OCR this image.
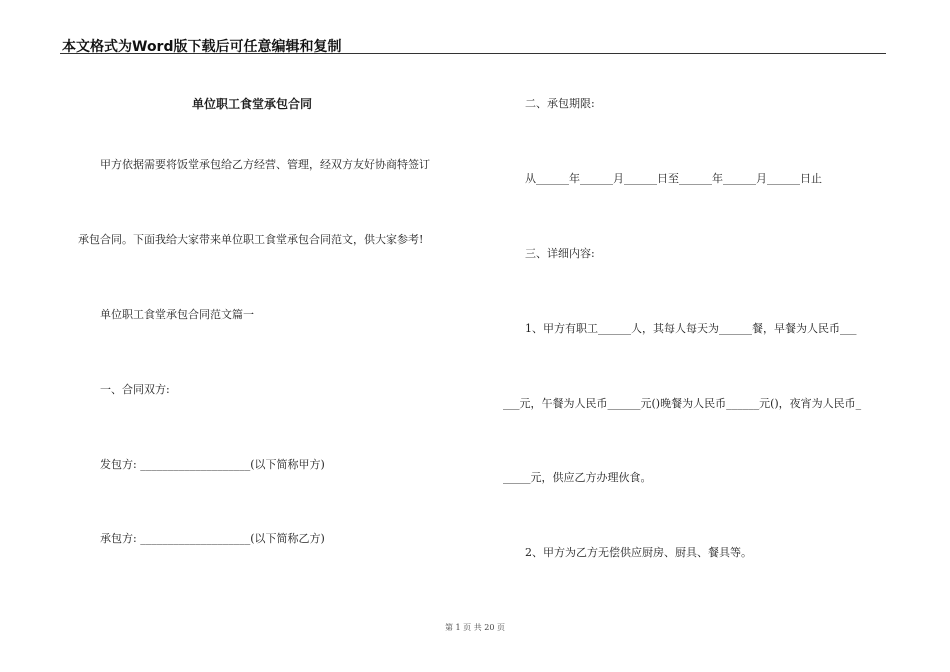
本文格式为Word版下载后可任意编辑和复制
单位职工食堂承包合同
甲方依据需要将饭堂承包给乙方经营、管理，经双方友好协商特签订
承包合同。下面我给大家带来单位职工食堂承包合同范文，供大家参考!
单位职工食堂承包合同范文篇一
一、合同双方:
发包方: ____________________(以下简称甲方)
承包方: ____________________(以下简称乙方)
二、承包期限:
从______年______月______日至______年______月______日止
三、详细内容:
1、甲方有职工______人，其每人每天为______餐，早餐为人民币___
___元，午餐为人民币______元()晚餐为人民币______元()，夜宵为人民币_
_____元，供应乙方办理伙食。
2、甲方为乙方无偿供应厨房、厨具、餐具等。
第 1 页 共 20 页
